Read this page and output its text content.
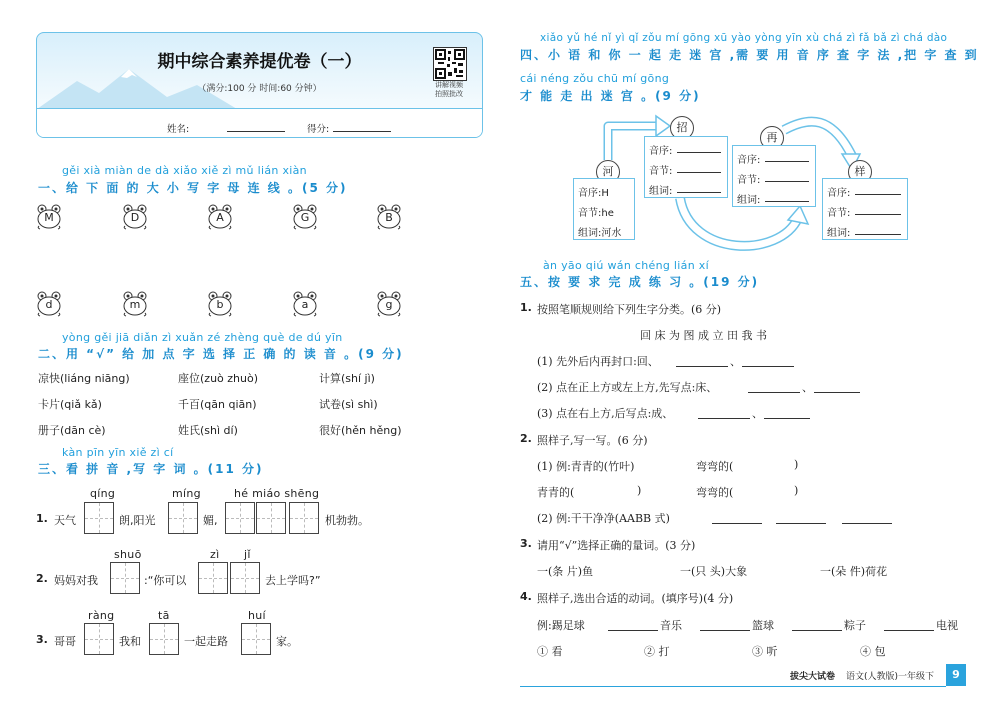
期中综合素养提优卷（一）
（满分:100 分 时间:60 分钟）	讲解视频
拍照批改
姓名:	得分:
gěi xià miàn de dà xiǎo xiě zì mǔ lián xiàn
一、给 下 面 的 大 小 写 字 母 连 线 。(5 分)
M	D	A	G	B
d	m	b	a	g
yòng gěi jiā diǎn zì xuǎn zé zhèng què de dú yīn
二、用 “√” 给 加 点 字 选 择 正 确 的 读 音 。(9 分)
凉快(liáng niāng)	座位(zuò zhuò)	计算(shí jì)
卡片(qiǎ kǎ)	千百(qān qiān)	试卷(sì shì)
册子(dān cè)	姓氏(shì dí)	很好(hěn hěng)
kàn pīn yīn xiě zì cí
三、看 拼 音 ,写 字 词 。(11 分)
qíng	míng	hé miáo shēng
1. 天气	朗,阳光	媚,	机勃勃。
shuō	zì jǐ
2. 妈妈对我	:“你可以	去上学吗?”
ràng	tā	huí
3. 哥哥	我和	一起走路	家。
xiǎo yǔ hé nǐ yì qǐ zǒu mí gōng xū yào yòng yīn xù chá zì fǎ bǎ zì chá dào
四、小 语 和 你 一 起 走 迷 宫 ,需 要 用 音 序 查 字 法 ,把 字 查 到
cái néng zǒu chū mí gōng
才 能 走 出 迷 宫 。(9 分)
河
音序:H
音节:he
组词:河水
招
音序:
音节:
组词:
再
音序:
音节:
组词:
样
音序:
音节:
组词:
àn yāo qiú wán chéng lián xí
五、按 要 求 完 成 练 习 。(19 分)
1. 按照笔顺规则给下列生字分类。(6 分)
回 床 为 图 成 立 田 我 书
(1) 先外后内再封口:回、	、
(2) 点在正上方或左上方,先写点:床、	、
(3) 点在右上方,后写点:成、	、
2. 照样子,写一写。(6 分)
(1) 例:青青的(竹叶)	弯弯的(	)
青青的(	)	弯弯的(	)
(2) 例:干干净净(AABB 式)
3. 请用“√”选择正确的量词。(3 分)
一(条 片)鱼	一(只 头)大象	一(朵 件)荷花
4. 照样子,选出合适的动词。(填序号)(4 分)
例:踢足球	音乐	篮球	粽子	电视
① 看	② 打	③ 听	④ 包
拔尖大试卷 语文(人教版)一年级下	9
